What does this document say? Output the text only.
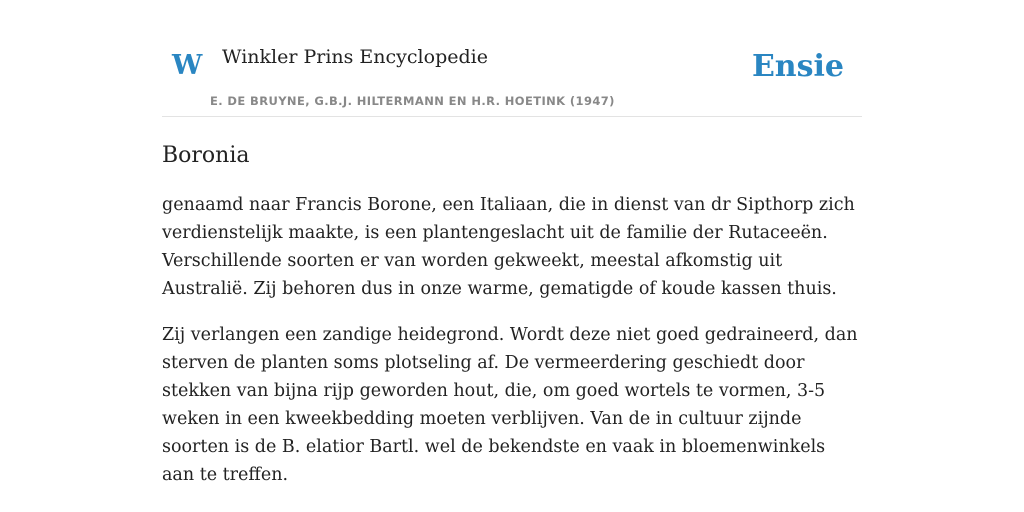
W Winkler Prins Encyclopedie
E. DE BRUYNE, G.B.J. HILTERMANN EN H.R. HOETINK (1947)
Ensie
Boronia

genaamd naar Francis Borone, een Italiaan, die in dienst van dr Sipthorp zich verdienstelijk maakte, is een plantengeslacht uit de familie der Rutaceeën. Verschillende soorten er van worden gekweekt, meestal afkomstig uit Australië. Zij behoren dus in onze warme, gematigde of koude kassen thuis.

Zij verlangen een zandige heidegrond. Wordt deze niet goed gedraineerd, dan sterven de planten soms plotseling af. De vermeerdering geschiedt door stekken van bijna rijp geworden hout, die, om goed wortels te vormen, 3-5 weken in een kweekbedding moeten verblijven. Van de in cultuur zijnde soorten is de B. elatior Bartl. wel de bekendste en vaak in bloemenwinkels aan te treffen.
